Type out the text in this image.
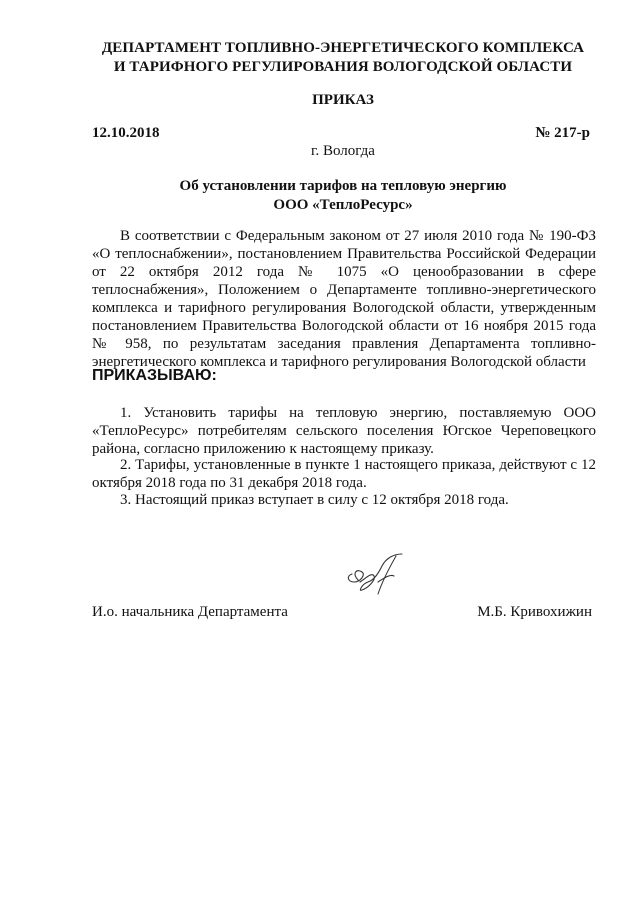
ДЕПАРТАМЕНТ ТОПЛИВНО-ЭНЕРГЕТИЧЕСКОГО КОМПЛЕКСА
И ТАРИФНОГО РЕГУЛИРОВАНИЯ ВОЛОГОДСКОЙ ОБЛАСТИ
ПРИКАЗ
12.10.2018	№ 217-р
г. Вологда
Об установлении тарифов на тепловую энергию
ООО «ТеплоРесурс»

В соответствии с Федеральным законом от 27 июля 2010 года № 190-ФЗ «О теплоснабжении», постановлением Правительства Российской Федерации от 22 октября 2012 года № 1075 «О ценообразовании в сфере теплоснабжения», Положением о Департаменте топливно-энергетического комплекса и тарифного регулирования Вологодской области, утвержденным постановлением Правительства Вологодской области от 16 ноября 2015 года № 958, по результатам заседания правления Департамента топливно-энергетического комплекса и тарифного регулирования Вологодской области

ПРИКАЗЫВАЮ:

1. Установить тарифы на тепловую энергию, поставляемую ООО «ТеплоРесурс» потребителям сельского поселения Югское Череповецкого района, согласно приложению к настоящему приказу.

2. Тарифы, установленные в пункте 1 настоящего приказа, действуют с 12 октября 2018 года по 31 декабря 2018 года.

3. Настоящий приказ вступает в силу с 12 октября 2018 года.

И.о. начальника Департамента	М.Б. Кривохижин
